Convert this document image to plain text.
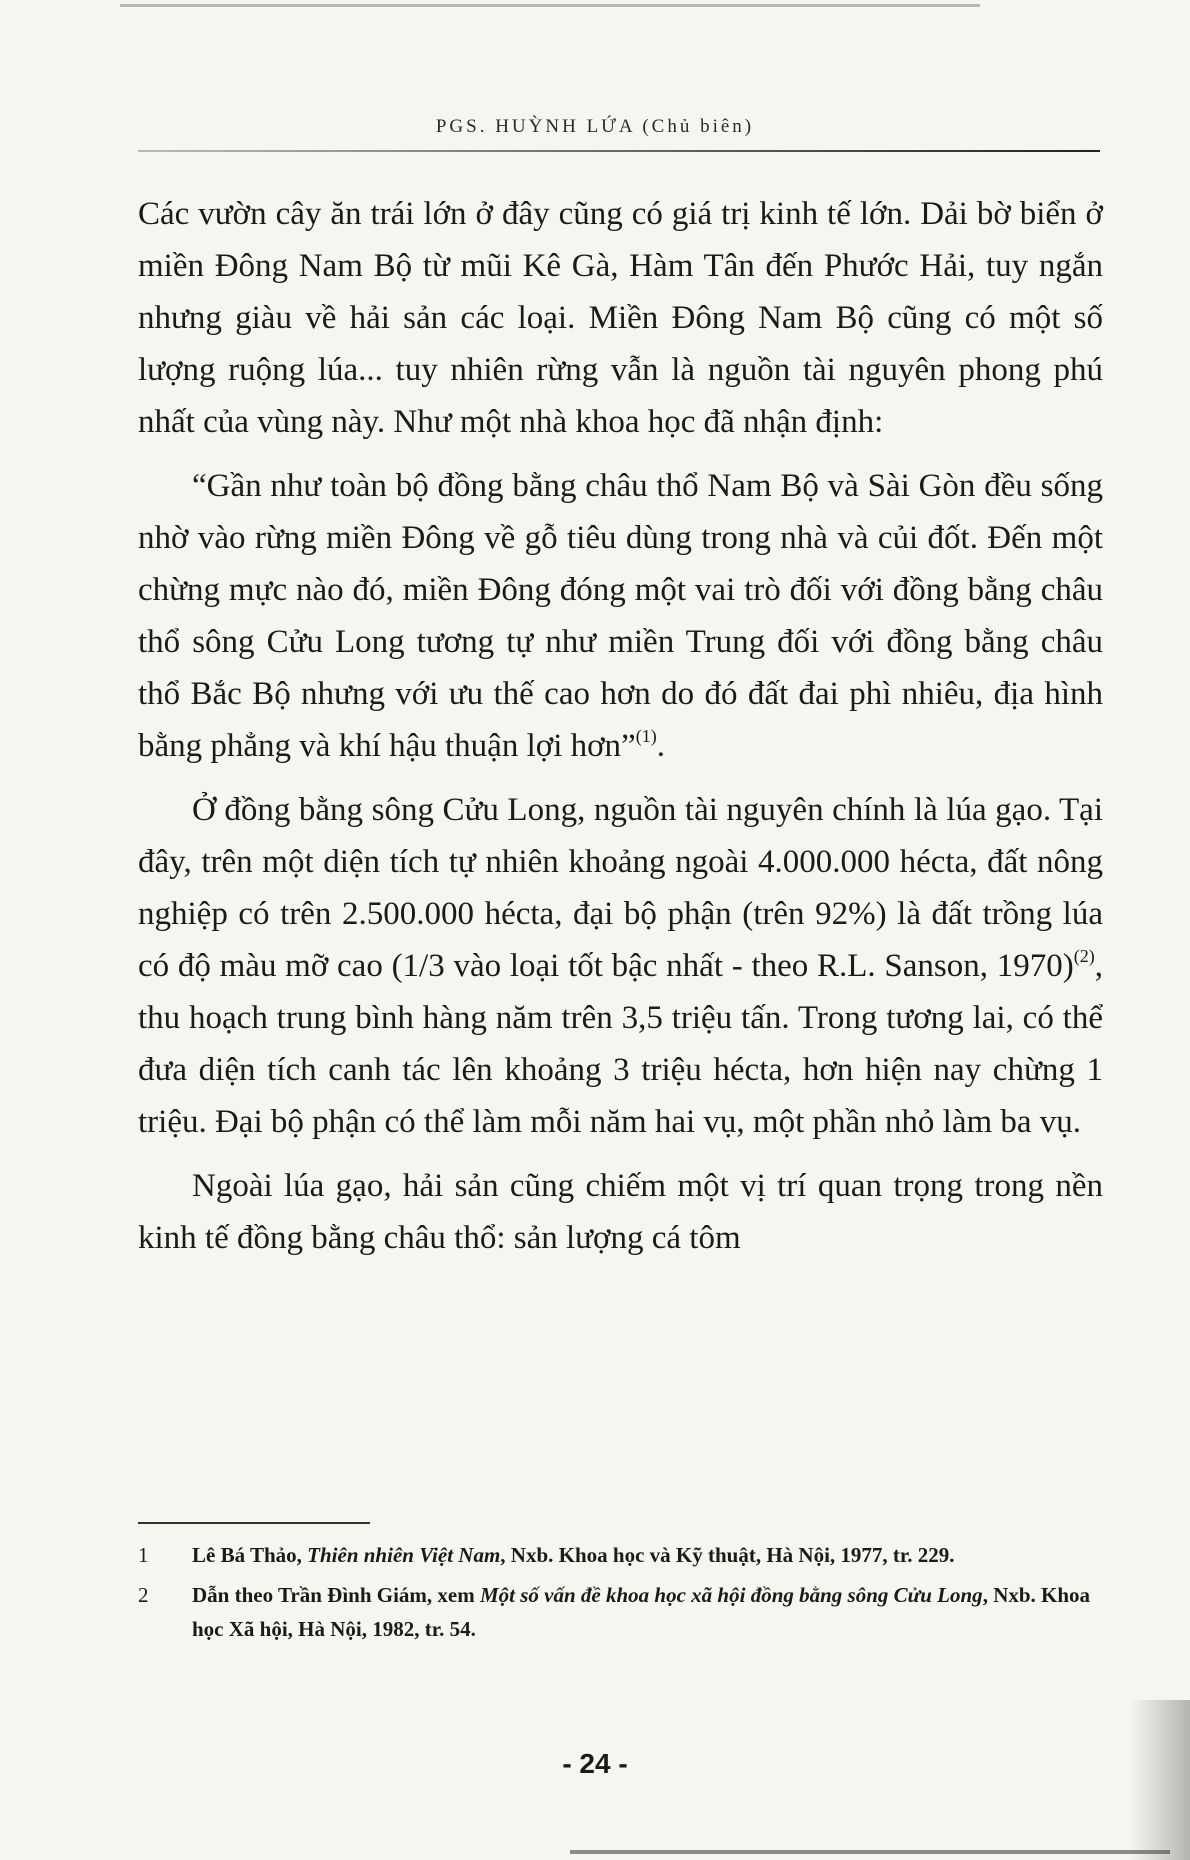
PGS. HUỲNH LỨA (Chủ biên)

Các vườn cây ăn trái lớn ở đây cũng có giá trị kinh tế lớn. Dải bờ biển ở miền Đông Nam Bộ từ mũi Kê Gà, Hàm Tân đến Phước Hải, tuy ngắn nhưng giàu về hải sản các loại. Miền Đông Nam Bộ cũng có một số lượng ruộng lúa... tuy nhiên rừng vẫn là nguồn tài nguyên phong phú nhất của vùng này. Như một nhà khoa học đã nhận định:

“Gần như toàn bộ đồng bằng châu thổ Nam Bộ và Sài Gòn đều sống nhờ vào rừng miền Đông về gỗ tiêu dùng trong nhà và củi đốt. Đến một chừng mực nào đó, miền Đông đóng một vai trò đối với đồng bằng châu thổ sông Cửu Long tương tự như miền Trung đối với đồng bằng châu thổ Bắc Bộ nhưng với ưu thế cao hơn do đó đất đai phì nhiêu, địa hình bằng phẳng và khí hậu thuận lợi hơn”$^{(1)}$.

Ở đồng bằng sông Cửu Long, nguồn tài nguyên chính là lúa gạo. Tại đây, trên một diện tích tự nhiên khoảng ngoài 4.000.000 hécta, đất nông nghiệp có trên 2.500.000 hécta, đại bộ phận (trên 92%) là đất trồng lúa có độ màu mỡ cao (1/3 vào loại tốt bậc nhất - theo R.L. Sanson, 1970)$^{(2)}$, thu hoạch trung bình hàng năm trên 3,5 triệu tấn. Trong tương lai, có thể đưa diện tích canh tác lên khoảng 3 triệu hécta, hơn hiện nay chừng 1 triệu. Đại bộ phận có thể làm mỗi năm hai vụ, một phần nhỏ làm ba vụ.

Ngoài lúa gạo, hải sản cũng chiếm một vị trí quan trọng trong nền kinh tế đồng bằng châu thổ: sản lượng cá tôm

1	Lê Bá Thảo, Thiên nhiên Việt Nam, Nxb. Khoa học và Kỹ thuật, Hà Nội, 1977, tr. 229.
2	Dẫn theo Trần Đình Giám, xem Một số vấn đề khoa học xã hội đồng bằng sông Cửu Long, Nxb. Khoa học Xã hội, Hà Nội, 1982, tr. 54.
- 24 -
